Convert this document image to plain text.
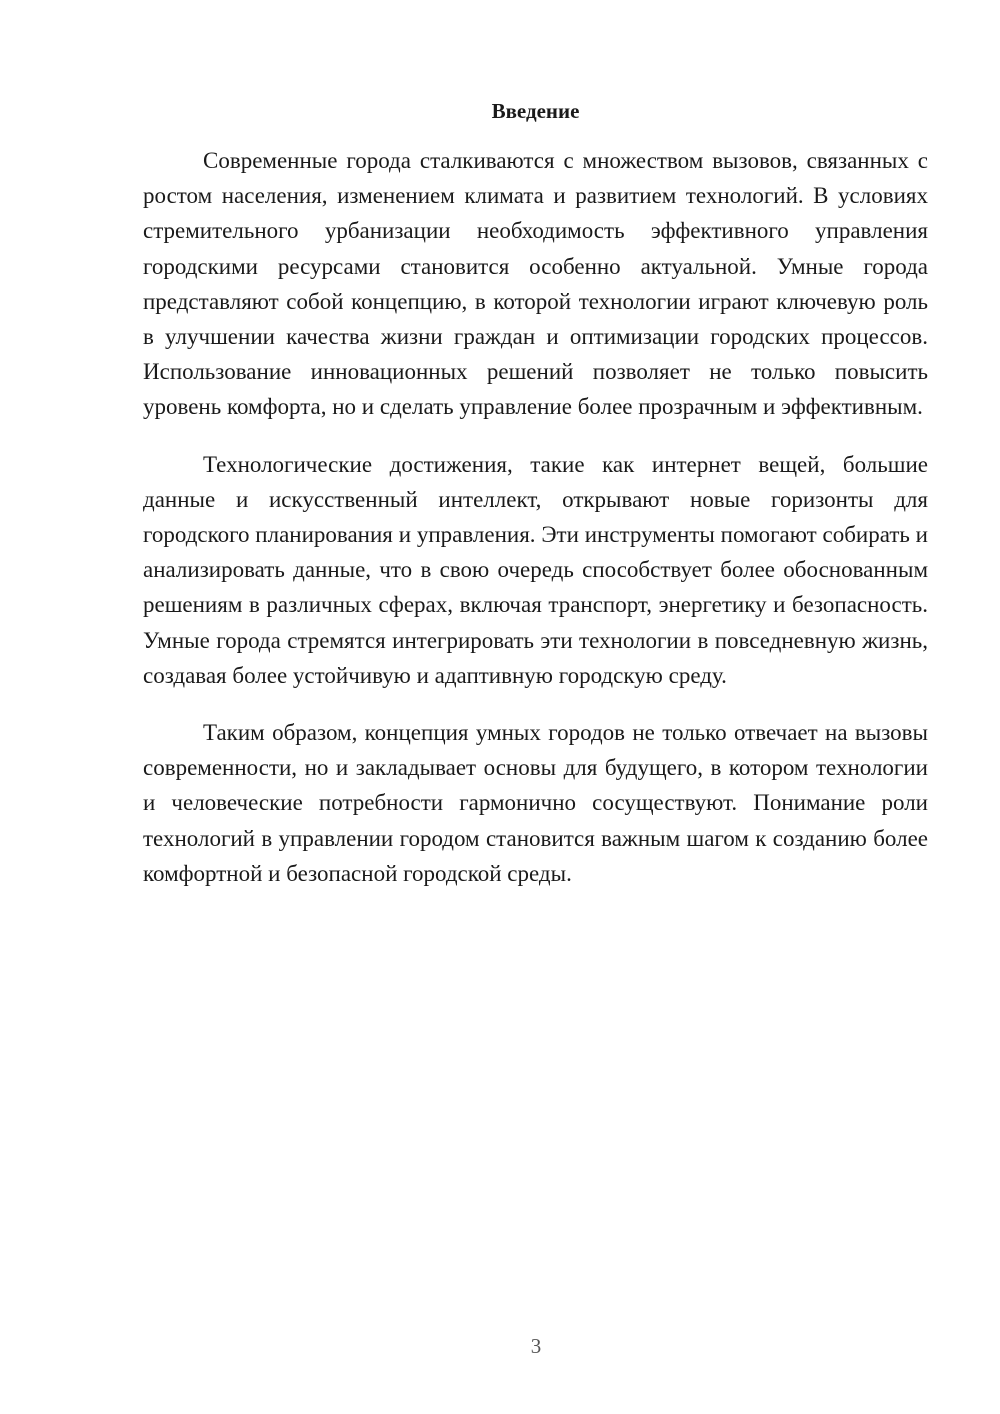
Введение

Современные города сталкиваются с множеством вызовов, связанных с ростом населения, изменением климата и развитием технологий. В условиях стремительного урбанизации необходимость эффективного управления городскими ресурсами становится особенно актуальной. Умные города представляют собой концепцию, в которой технологии играют ключевую роль в улучшении качества жизни граждан и оптимизации городских процессов. Использование инновационных решений позволяет не только повысить уровень комфорта, но и сделать управление более прозрачным и эффективным.

Технологические достижения, такие как интернет вещей, большие данные и искусственный интеллект, открывают новые горизонты для городского планирования и управления. Эти инструменты помогают собирать и анализировать данные, что в свою очередь способствует более обоснованным решениям в различных сферах, включая транспорт, энергетику и безопасность. Умные города стремятся интегрировать эти технологии в повседневную жизнь, создавая более устойчивую и адаптивную городскую среду.

Таким образом, концепция умных городов не только отвечает на вызовы современности, но и закладывает основы для будущего, в котором технологии и человеческие потребности гармонично сосуществуют. Понимание роли технологий в управлении городом становится важным шагом к созданию более комфортной и безопасной городской среды.

3
